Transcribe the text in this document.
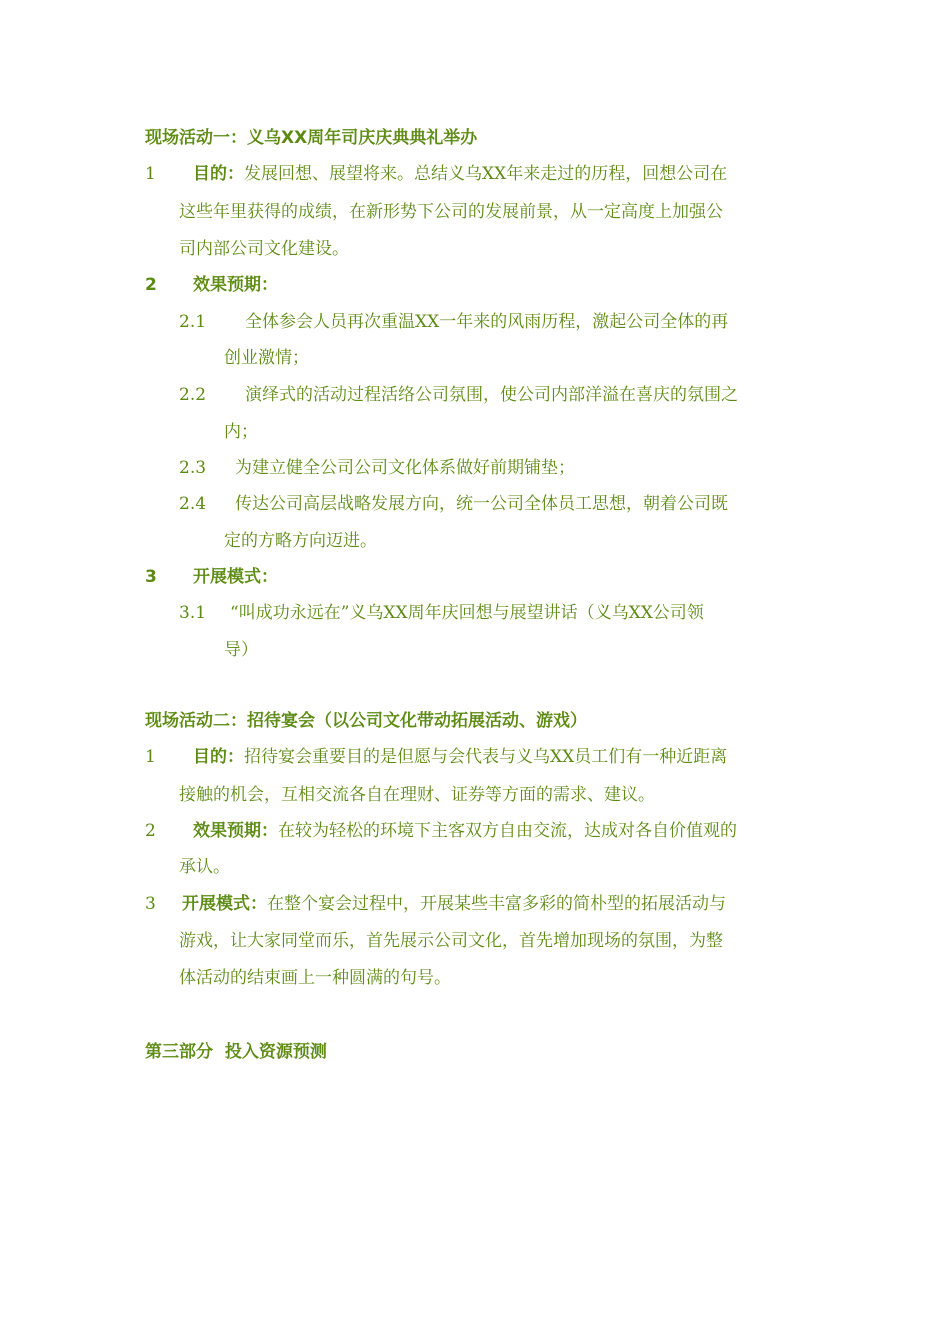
现场活动一：义乌XX周年司庆庆典典礼举办
1 目的：发展回想、展望将来。总结义乌XX年来走过的历程，回想公司在
这些年里获得的成绩，在新形势下公司的发展前景，从一定高度上加强公
司内部公司文化建设。
2 效果预期：
2.1 全体参会人员再次重温XX一年来的风雨历程，激起公司全体的再
创业激情；
2.2 演绎式的活动过程活络公司氛围，使公司内部洋溢在喜庆的氛围之
内；
2.3 为建立健全公司公司文化体系做好前期铺垫；
2.4 传达公司高层战略发展方向，统一公司全体员工思想，朝着公司既
定的方略方向迈进。
3 开展模式：
3.1 “叫成功永远在”义乌XX周年庆回想与展望讲话（义乌XX公司领
导）
现场活动二：招待宴会（以公司文化带动拓展活动、游戏）
1 目的：招待宴会重要目的是但愿与会代表与义乌XX员工们有一种近距离
接触的机会，互相交流各自在理财、证券等方面的需求、建议。
2 效果预期：在较为轻松的环境下主客双方自由交流，达成对各自价值观的
承认。
3 开展模式：在整个宴会过程中，开展某些丰富多彩的简朴型的拓展活动与
游戏，让大家同堂而乐，首先展示公司文化，首先增加现场的氛围，为整
体活动的结束画上一种圆满的句号。
第三部分  投入资源预测
